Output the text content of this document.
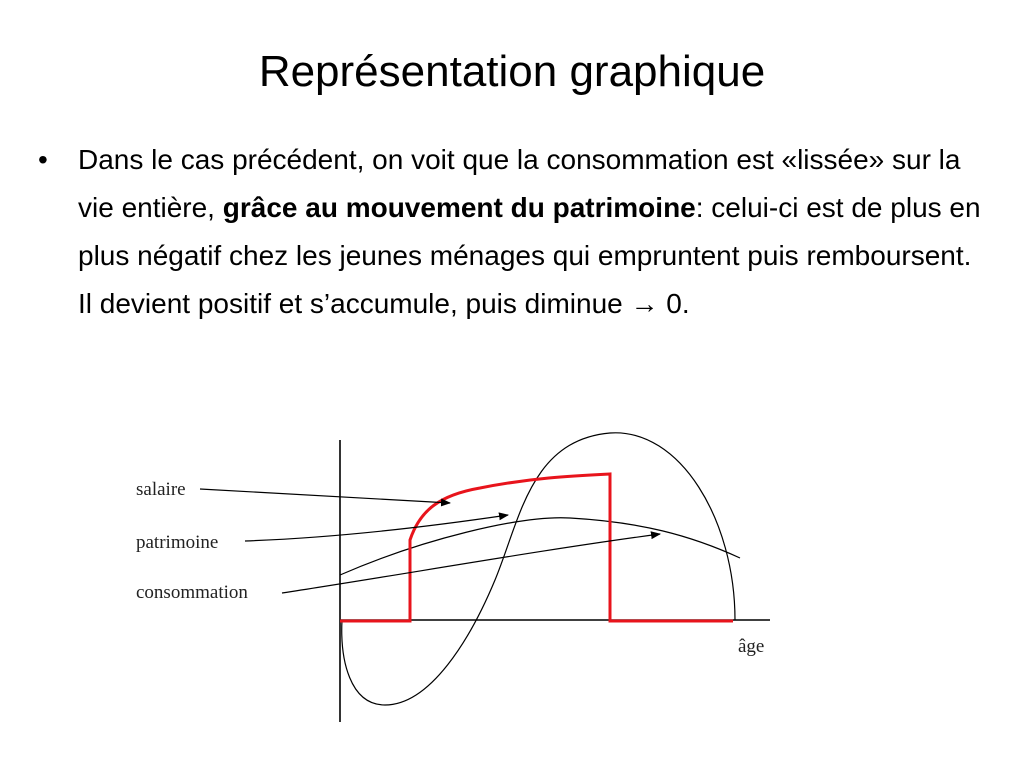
Représentation graphique
• Dans le cas précédent, on voit que la consommation est «lissée» sur la vie entière, grâce au mouvement du patrimoine: celui-ci est de plus en plus négatif chez les jeunes ménages qui empruntent puis remboursent. Il devient positif et s’accumule, puis diminue → 0.

salaire
patrimoine
consommation
âge
